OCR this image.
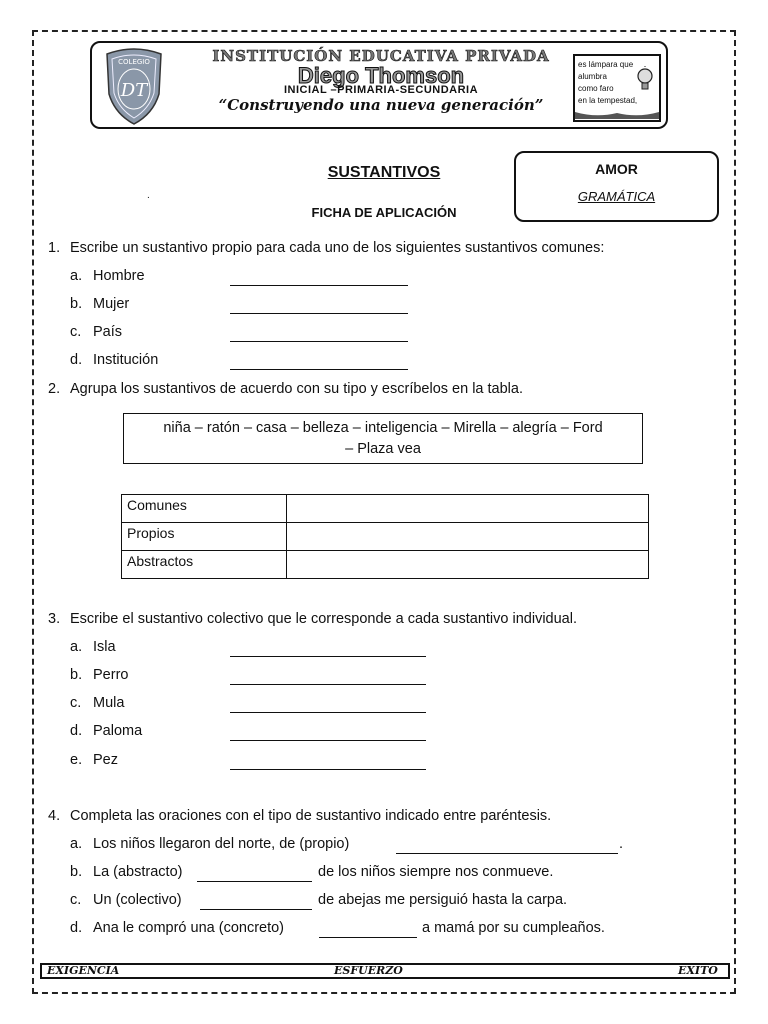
COLEGIO
DT
INSTITUCIÓN EDUCATIVA PRIVADA
Diego Thomson
INICIAL –PRIMARIA-SECUNDARIA
“Construyendo una nueva generación”
es lámpara que
alumbra
como faro
en la tempestad,
AMOR
GRAMÁTICA
SUSTANTIVOS
.
FICHA DE APLICACIÓN
1. Escribe un sustantivo propio para cada uno de los siguientes sustantivos comunes:
a. Hombre
b. Mujer
c. País
d. Institución
2. Agrupa los sustantivos de acuerdo con su tipo y escríbelos en la tabla.
niña – ratón – casa – belleza – inteligencia – Mirella – alegría – Ford
– Plaza vea
Comunes	
Propios	
Abstractos	
3. Escribe el sustantivo colectivo que le corresponde a cada sustantivo individual.
a. Isla
b. Perro
c. Mula
d. Paloma
e. Pez
4. Completa las oraciones con el tipo de sustantivo indicado entre paréntesis.
a. Los niños llegaron del norte, de (propio)	.
b. La (abstracto)	de los niños siempre nos conmueve.
c. Un (colectivo)	de abejas me persiguió hasta la carpa.
d. Ana le compró una (concreto)	a mamá por su cumpleaños.
EXIGENCIA	ESFUERZO	EXITO
